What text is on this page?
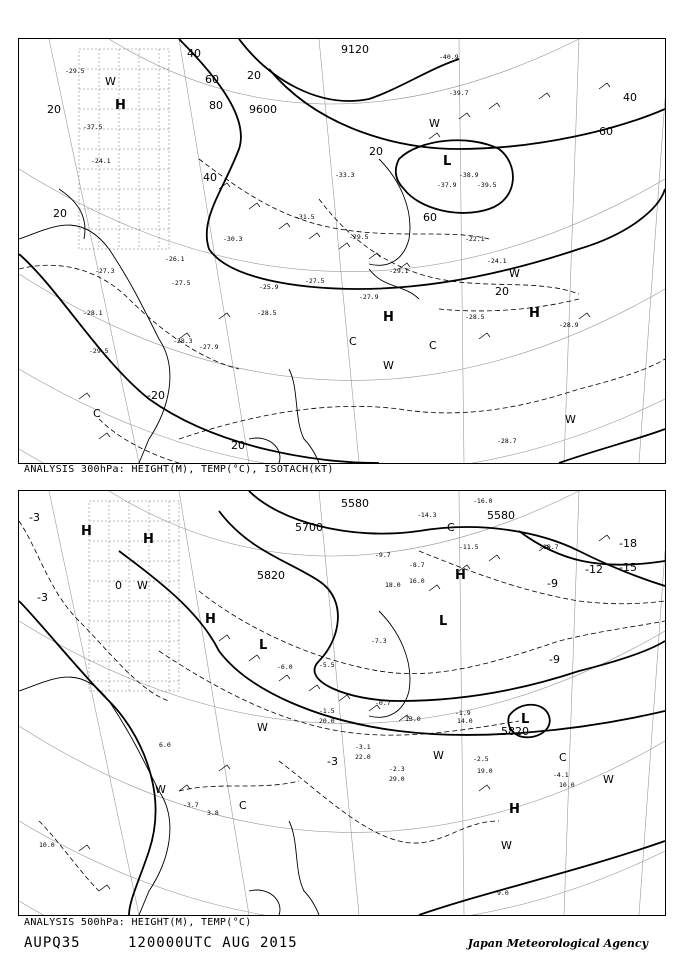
9120
9600
40
60
80
20
40
60
20
20
20
-20
20
60
40
20
H
L
H	H
W
W
W
W
W
C	C
C
-29.5
-37.5
-24.1
-27.3
-28.1
-26.1
-27.5
-30.3
-28.3
-27.9
-25.9
-27.5
-27.9
-28.5
-29.1
-28.7
-37.9	-39.5
-38.9
-40.9
-39.7
-33.3
-31.5
-29.5	-22.1
-24.1
-28.5
-29.5
-28.9
ANALYSIS 300hPa: HEIGHT(M), TEMP(°C), ISOTACH(KT)
5580
5700
5820
5580
5820
-3
-3
-3
-9
-9
-12 -15
-18
0
H
H
H
H
H
L
L
L
W
W
W
W
W
W
C
C
C
-16.0
-14.3
-11.5	-10.7
-9.7
-8.7
-7.3
-6.0	-5.5
-4.1
-3.7
-3.1
-2.5
-2.3
-1.9
-1.5
-0.7
10.0
13.0	14.0
16.0
18.0
19.0
20.0
22.0
29.0
6.0
9.0
10.0
3.8
ANALYSIS 500hPa: HEIGHT(M), TEMP(°C)
AUPQ35	120000UTC AUG 2015	Japan Meteorological Agency
